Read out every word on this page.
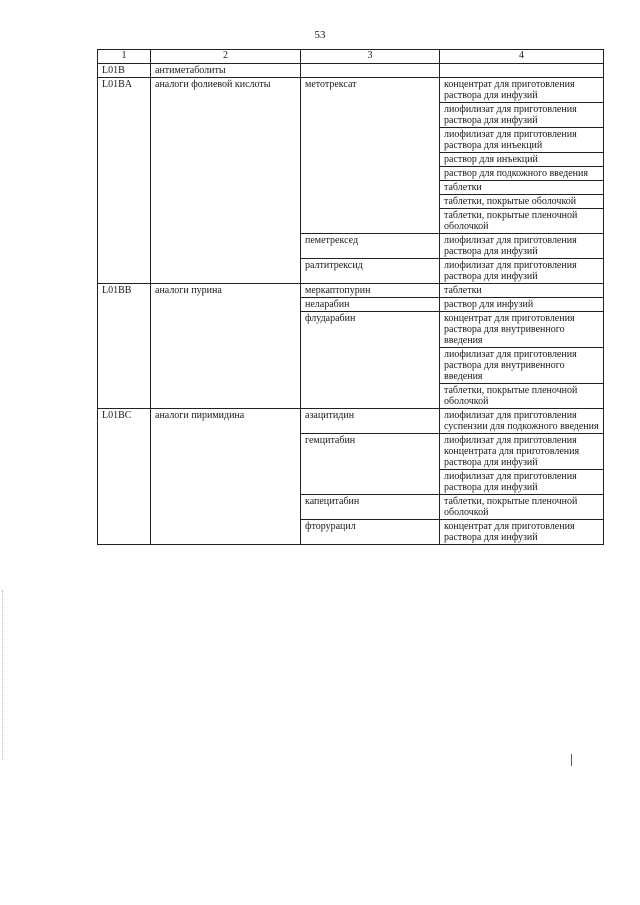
53
1	2	3	4
L01B	антиметаболиты		
L01BA	аналоги фолиевой кислоты	метотрексат	концентрат для приготовления раствора для инфузий
			лиофилизат для приготовления раствора для инфузий
			лиофилизат для приготовления раствора для инъекций
			раствор для инъекций
			раствор для подкожного введения
			таблетки
			таблетки, покрытые оболочкой
			таблетки, покрытые пленочной оболочкой
		пеметрексед	лиофилизат для приготовления раствора для инфузий
		ралтитрексид	лиофилизат для приготовления раствора для инфузий
L01BB	аналоги пурина	меркаптопурин	таблетки
		неларабин	раствор для инфузий
		флударабин	концентрат для приготовления раствора для внутривенного введения
			лиофилизат для приготовления раствора для внутривенного введения
			таблетки, покрытые пленочной оболочкой
L01BC	аналоги пиримидина	азацитидин	лиофилизат для приготовления суспензии для подкожного введения
		гемцитабин	лиофилизат для приготовления концентрата для приготовления раствора для инфузий
			лиофилизат для приготовления раствора для инфузий
		капецитабин	таблетки, покрытые пленочной оболочкой
		фторурацил	концентрат для приготовления раствора для инфузий
